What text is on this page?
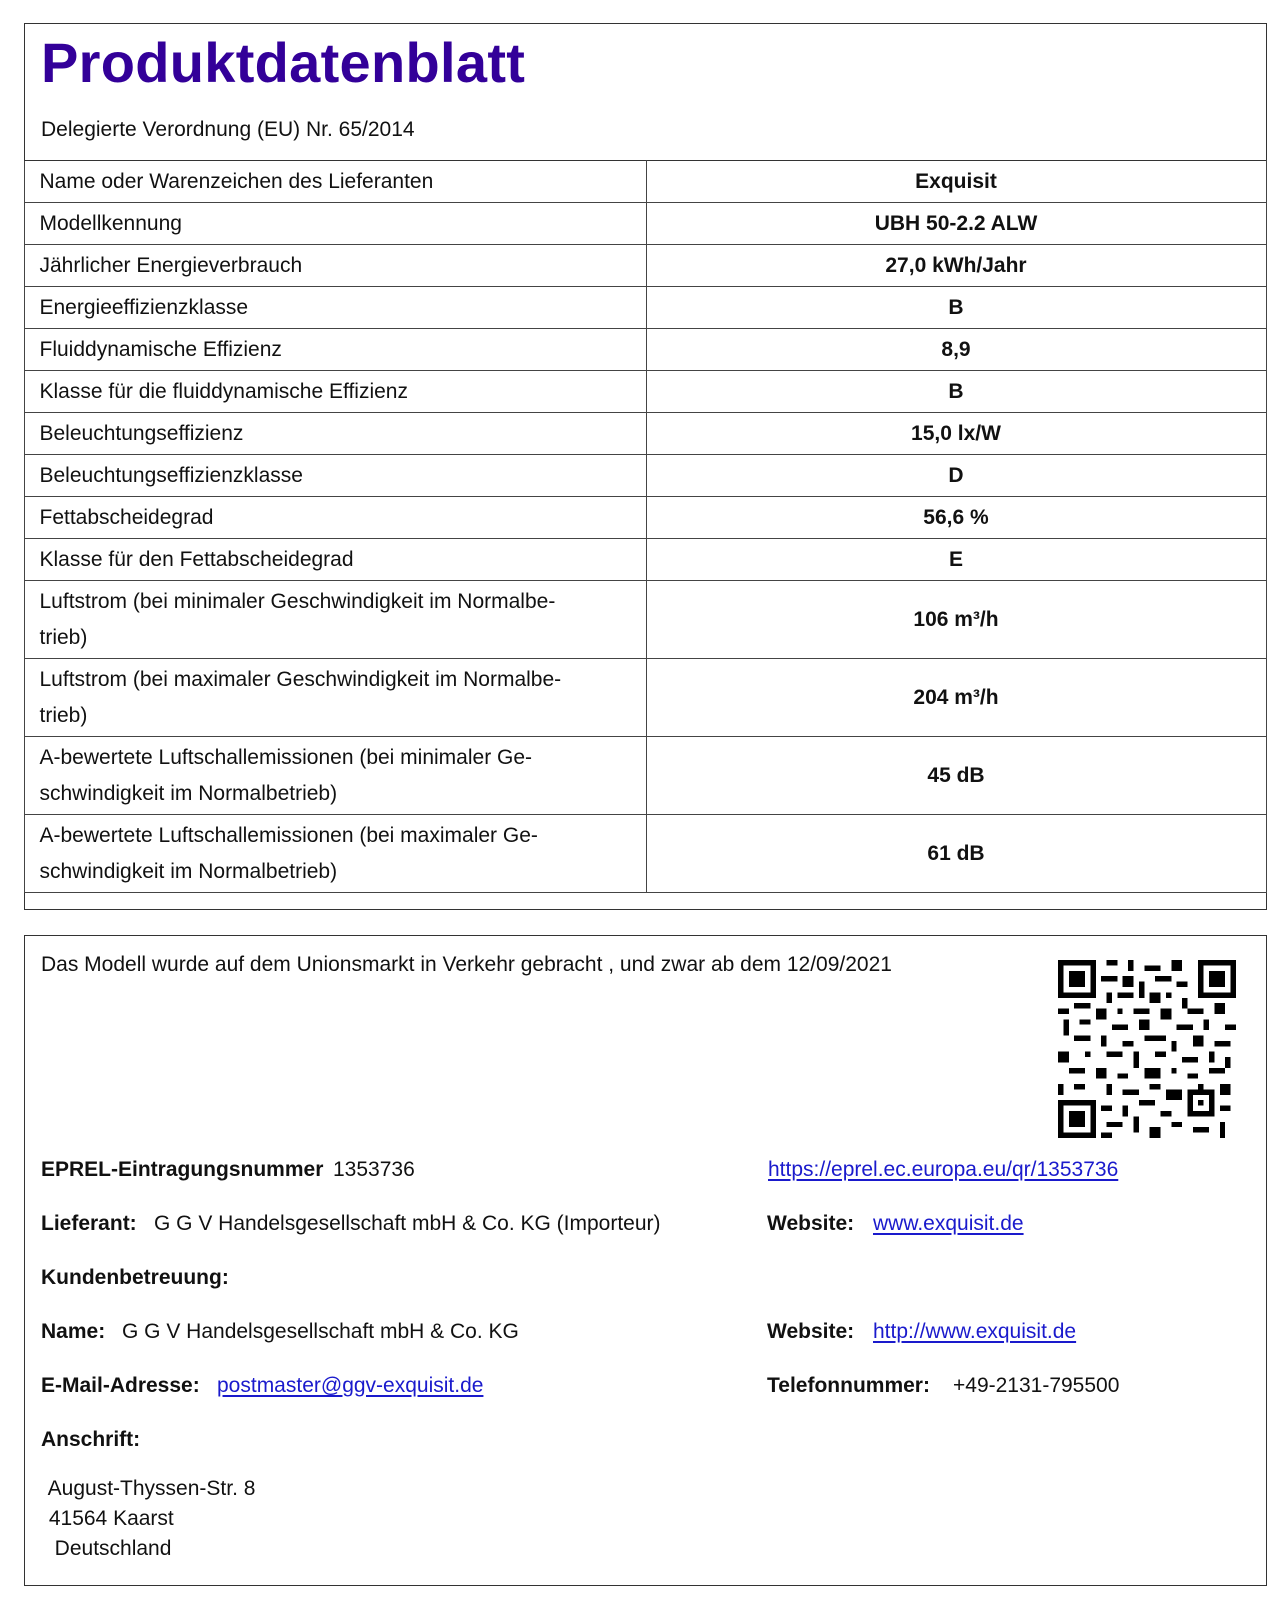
Produktdatenblatt
Delegierte Verordnung (EU) Nr. 65/2014
Name oder Warenzeichen des Lieferanten	Exquisit
Modellkennung	UBH 50-2.2 ALW
Jährlicher Energieverbrauch	27,0 kWh/Jahr
Energieeffizienzklasse	B
Fluiddynamische Effizienz	8,9
Klasse für die fluiddynamische Effizienz	B
Beleuchtungseffizienz	15,0 lx/W
Beleuchtungseffizienzklasse	D
Fettabscheidegrad	56,6 %
Klasse für den Fettabscheidegrad	E

Luftstrom (bei minimaler Geschwindigkeit im Normalbe-
trieb)	106 m³/h

Luftstrom (bei maximaler Geschwindigkeit im Normalbe-
trieb)	204 m³/h

A-bewertete Luftschallemissionen (bei minimaler Ge-
schwindigkeit im Normalbetrieb)	45 dB

A-bewertete Luftschallemissionen (bei maximaler Ge-
schwindigkeit im Normalbetrieb)	61 dB
Das Modell wurde auf dem Unionsmarkt in Verkehr gebracht , und zwar ab dem 12/09/2021
EPREL-Eintragungsnummer 1353736	https://eprel.ec.europa.eu/qr/1353736
Lieferant: G G V Handelsgesellschaft mbH & Co. KG (Importeur)	Website: www.exquisit.de
Kundenbetreuung:
Name: G G V Handelsgesellschaft mbH & Co. KG	Website: http://www.exquisit.de
E-Mail-Adresse: postmaster@ggv-exquisit.de	Telefonnummer: +49-2131-795500
Anschrift:
August-Thyssen-Str. 8
41564 Kaarst
Deutschland
